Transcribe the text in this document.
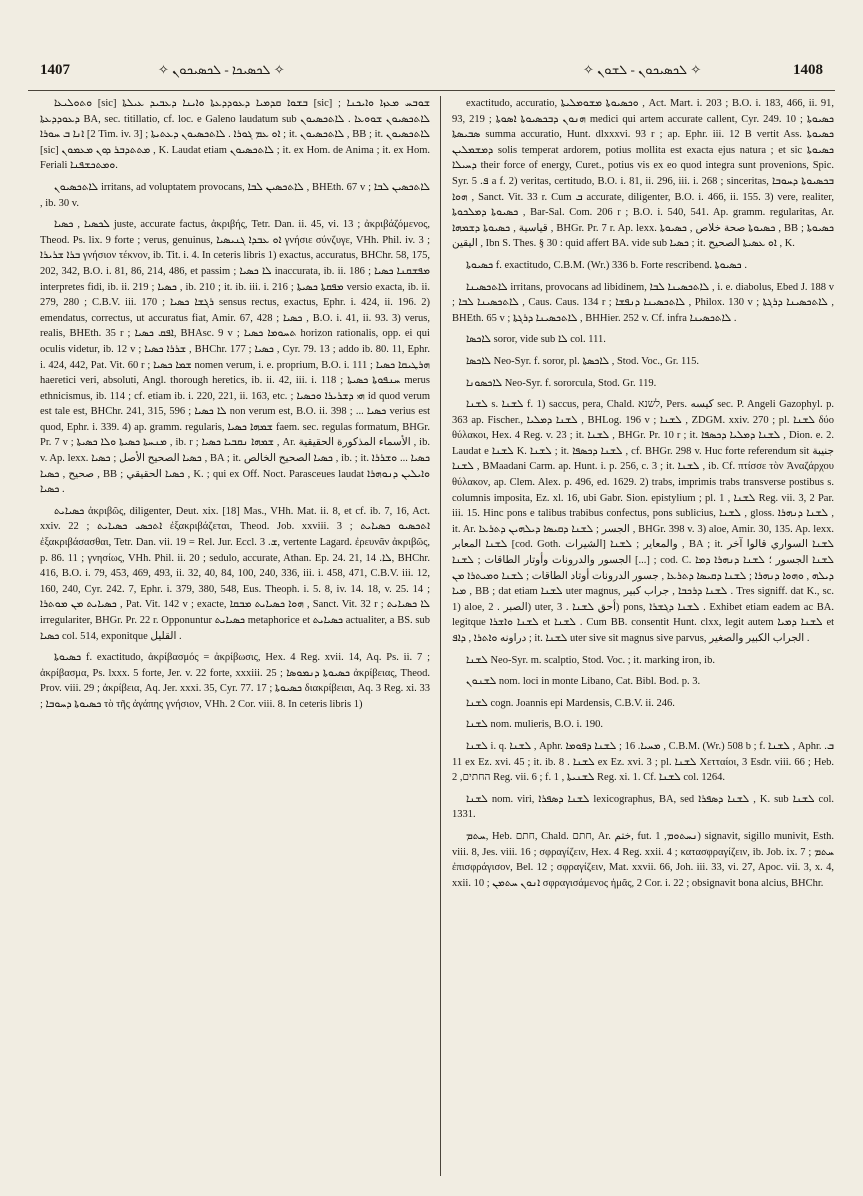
1407	✧ ܠܟܣܝܟܐ - ܠܟܣܝܟܘܢ ✧	✧ ܠܟܣܝܟܘܢ - ܠܫܘܢ ✧	1408

ܘܬܘܠܝܥܐ [sic] ܒܫܘܐ ܩܕܡܝܐ ܕܥܘܕܕܥܬܐ ܘܐܝܢܐ ܕܥܒܝܕ ܥܝܠܬܐ [sic] ; ܫܘܒܚ ܡܥܙܐ ܘܐܝܟܢܐ ܕܥܘܕܕܥܬܐ BA, sec. titillatio, cf. loc. e Galeno laudatum sub ܠܐܬܟܣܝܘܢ ܫܘܘܥܐ . ܠܐܬܟܣܝܘܢ ܐܢܐ ܒ ܚܘܪܐ [2 Tim. iv. 3] ; ܐܘ ܥܡ ܓܘܪܐ . ܠܐܬܟܣܝܘܢ ܕܥܬܝܬܐ ; it. ܠܐܬܟܣܝܘܢ , BB ; it. ܠܐܬܟܣܝܘܢ [sic] ܡܬܬܕܒܪ ܕܘܢ ܡܥܡܘܢ , K. Laudat etiam ܠܐܬܟܣܝܘܢ ; it. ex Hom. de Anima ; it. ex Hom. Feriali ܘܡܬܟܫܦܢܐ.

ܠܐܬܟܣܝܘܢ irritans, ad voluptatem provocans, ܠܐܬܟܣܝܢ ܠܒܐ , BHEth. 67 v ; ܠܐܬܟܣܝܢ ܠܒܐ , ib. 30 v.

ܠܟܣܝܐ , ܟܣܝܐ juste, accurate factus, ἀκριβής, Tetr. Dan. ii. 45, vi. 13 ; ἀκριβάζόμενος, Theod. Ps. lix. 9 forte ; verus, genuinus, ܐܘ ܥܒܕܐ ܓܢܝܣܝܐ γνήσιε σύνζυγε, VHh. Phil. iv. 3 ; ܒܪܐ ܫܪܝܪܐ γνήσιον τέκνον, ib. Tit. i. 4. In ceteris libris 1) exactus, accuratus, BHChr. 58, 175, 202, 342, B.O. i. 81, 86, 214, 486, et passim ; ܠܐ ܟܣܝܐ inaccurata, ib. ii. 186 ; ܡܦܫܩܢܐ ܟܣܝܐ interpretes fidi, ib. ii. 219 ; ܟܣܝܐ , ib. 210 ; it. ib. iii. i. 216 ; ܡܦܩܬܐ ܟܣܝܬܐ versio exacta, ib. ii. 279, 280 ; C.B.V. iii. 170 ; ܪܓܫܐ ܟܣܝܐ sensus rectus, exactus, Ephr. i. 424, ii. 196. 2) emendatus, correctus, ut accuratus fiat, Amir. 67, 428 ; ܟܣܝܐ , B.O. i. 41, ii. 93. 3) verus, realis, BHEth. 35 r ; ܐܦܩ ܟܣܝܐ, BHAsc. 9 v ; ܬܚܘܡܐ ܟܣܝܐ horizon rationalis, opp. ei qui oculis videtur, ib. 12 v ; ܫܪܪܐ ܟܣܝܐ , BHChr. 177 ; ܟܣܝܐ , Cyr. 79. 13 ; addo ib. 80. 11, Ephr. i. 424, 442, Pat. Vit. 60 r ; ܫܡܐ ܟܣܝܐ nomen verum, i. e. proprium, B.O. i. 111 ; ܗܪܛܝܩܐ ܟܣܝܐ haeretici veri, absoluti, Angl. thorough heretics, ib. ii. 42, iii. i. 118 ; ܚܢܦܘܬܐ ܟܣܝܬܐ merus ethnicismus, ib. 114 ; cf. etiam ib. i. 220, 221, ii. 163, etc. ; ܗܝ ܕܫܪܝܪܐ ܘܟܣܝܐ id quod verum est tale est, BHChr. 241, 315, 596 ; ܠܐ ܟܣܝܐ non verum est, B.O. ii. 398 ; ... ܟܣܝܐ verius est quod, Ephr. i. 339. 4) ap. gramm. regularis, ܫܡܗܐ ܟܣܝܐ faem. sec. regulas formatum, BHGr. Pr. 7 v ; ܡܢܚܬܐ ܟܣܝܬܐ ܘܠܐ ܟܣܝܬܐ , ib. r ; ܫܡܗܐ ܢܩܒܝܐ ܟܣܝܐ , Ar. الأسماء المذكورة الحقيقية , ib. v. Ap. lexx. ܟܣܝܐ الصحيح الأصل ; ܟܣܝܐ , BA ; it. ܟܣܝܐ الصحيح الخالص , ib. ; it. ܟܣܝܐ ... ܘܫܪܪܐ صحيح , ܟܣܝܐ , BB ; ܟܣܝܐ الحقيقي , K. ; qui ex Off. Noct. Parasceues laudat ܘܐܝܠܝܢ ܕܢܘܗܪܐ ܟܣܝܐ .

ܟܣܝܐܝܬ ἀκριβῶς, diligenter, Deut. xix. [18] Mas., VHh. Mat. ii. 8, et cf. ib. 7, 16, Act. xxiv. 22 ; ܐܬܟܣܝ ܟܣܝܐܝܬ ἐξακριβάζεται, Theod. Job. xxviii. 3 ; ܐܬܟܣܝܘ ܟܣܝܐܝܬ ἐξακριβάσασθαι, Tetr. Dan. vii. 19 = Rel. Jur. Eccl. ܫ. 3, vertente Lagard. ἐρευνᾶν ἀκριβῶς, p. 86. 11 ; γνησίως, VHh. Phil. ii. 20 ; sedulo, accurate, Athan. Ep. 24. 21, ܠܐ. 14, BHChr. 416, B.O. i. 79, 453, 469, 493, ii. 32, 40, 84, 100, 240, 336, iii. i. 458, 471, C.B.V. iii. 12, 160, 240, Cyr. 242. 7, Ephr. i. 379, 380, 548, Eus. Theoph. i. 5. 8, iv. 14. 18, v. 25. 14 ; ܟܣܝܐܝܬ ܡܢ ܡܘܬܪܐ , Pat. Vit. 142 v ; exacte, ܗܘܐ ܟܣܝܐܝܬ ܡܒܩܐ , Sanct. Vit. 32 r ; ܠܐ ܟܣܝܐܝܬ irregulariter, BHGr. Pr. 22 r. Opponuntur ܟܣܝܐܝܬ metaphorice et ܟܣܝܐܝܬ actualiter, a BS. sub ܟܣܝܐ col. 514, exponitque القليل .

ܟܣܝܘܬܐ f. exactitudo, ἀκρίβασμός = ἀκρίβωσις, Hex. 4 Reg. xvii. 14, Aq. Ps. ii. 7 ; ἀκρίβασμα, Ps. lxxx. 5 forte, Jer. v. 22 forte, xxxiii. 25 ; ܟܣܝܘܬܐ ܕܢܡܘܣܐ ἀκρίβειας, Theod. Prov. viii. 29 ; ἀκρίβεια, Aq. Jer. xxxi. 35, Cyr. 77. 17 ; ܟܣܝܘܬܐ διακρίβειαι, Aq. 3 Reg. xi. 33 ; ܟܣܝܘܬܐ ܕܚܘܒܐ τὸ τῆς ἀγάπης γνήσιον, VHh. 2 Cor. viii. 8. In ceteris libris 1)

exactitudo, accuratio, ܘܟܣܝܘܬܐ ܡܫܘܡܠܝܬܐ , Act. Mart. i. 203 ; B.O. i. 183, 466, ii. 91, 93, 219 ; ܗܢܘܢ ܕܒܟܣܝܘܬܐ ܐܣܘܬܐ medici qui artem accurate callent, Cyr. 249. 10 ; ܟܣܝܘܬܐ ܣܒܝܣܬܐ summa accuratio, Hunt. dlxxxvi. 93 r ; ap. Ephr. iii. 12 B vertit Ass. ܟܣܝܘܬܐ ܕܡܫܡܠܝܢ solis temperat ardorem, potius mollita est exacta ejus natura ; et sic ܟܣܝܘܬܐ ܕܚܝܠܐ their force of energy, Curet., potius vis ex eo quod integra sunt provenions, Spic. Syr. ܦ. 5 a f. 2) veritas, certitudo, B.O. i. 81, ii. 296, iii. i. 268 ; sinceritas, ܒܟܣܝܘܬܐ ܕܚܘܒܐ ܗܘܐ , Sanct. Vit. 33 r. Cum ܒ accurate, diligenter, B.O. i. 466, ii. 155. 3) vere, realiter, ܟܣܝܘܬܐ ܕܡܠܟܘܬܐ , Bar-Sal. Com. 206 r ; B.O. i. 540, 541. Ap. gramm. regularitas, Ar. قياسية , ܟܣܝܘܬܐ ܕܫܡܗܐ , BHGr. Pr. 7 r. Ap. lexx. ܟܣܝܘܬܐ صحة خلاص , ܟܣܝܘܬܐ , BB ; ܟܣܝܘܬܐ اليقين , Ibn S. Thes. § 30 : quid affert BA. vide sub ܟܣܝܐ ; it. ܐܘ ܥܣܝܬܐ الصحيح , K.

ܟܣܝܘܬܐ f. exactitudo, C.B.M. (Wr.) 336 b. Forte rescribend. ܟܣܝܘܬܐ .

ܠܐܬܟܣܝܢܐ irritans, provocans ad libidinem, ܠܐܬܟܣܝܢܐ ܠܒܐ , i. e. diabolus, Ebed J. 188 v ; ܠܐܬܟܣܝܢܐ ܠܒܐ , Caus. Caus. 134 r ; ܠܐܬܟܣܝܢܐ ܕܢܦܫܐ , Philox. 130 v ; ܠܐܬܟܣܝܢܐ ܕܪܓܬܐ , BHEth. 65 v ; ܠܐܬܟܣܝܢܐ ܕܪܓܬܐ , BHHier. 252 v. Cf. infra ܠܐܬܟܣܝܢܐ .

ܠܐܟܣܐ soror, vide sub ܠܐ col. 111.

ܠܐܟܣܐ Neo-Syr. f. soror, pl. ܠܐܟܣܬܐ , Stod. Voc., Gr. 115.

ܠܐܟܣܘܢܐ Neo-Syr. f. sororcula, Stod. Gr. 119.

ܠܫܢܐ s. ܠܫܢܐ f. 1) saccus, pera, Chald. לשנא, Pers. کیسه sec. P. Angeli Gazophyl. p. 363 ap. Fischer., ܠܫܢܐ ܕܡܠܝܐ , BHLog. 196 v ; ܠܫܢܐ , ZDGM. xxiv. 270 ; pl. ܠܫܢܐ δύο θύλακοι, Hex. 4 Reg. v. 23 ; it. ܠܫܢܐ , BHGr. Pr. 10 r ; it. ܠܫܢܐ ܕܡܠܝܐ ܕܟܣܦܐ , Dion. e. 2. Laudat e ܠܫܢܐ K. ܠܫܢܐ ; it. ܠܫܢܐ ܕܟܣܦܐ , cf. BHGr. 298 v. Huc forte referendum sit جنيبة ܠܫܢܐ , BMaadani Carm. ap. Hunt. i. p. 256, c. 3 ; it. ܠܫܢܐ , ib. Cf. πτίσσε τὸν Ἀναζάρχου θύλακον, ap. Clem. Alex. p. 496, ed. 1629. 2) trabs, imprimis trabs transverse postibus s. columnis imposita, Ez. xl. 16, ubi Gabr. Sion. epistylium ; pl. ܠܫܢܐ , 1 Reg. vii. 3, 2 Par. iii. 15. Hinc pons e talibus trabibus confectus, pons sublicius, ܠܫܢܐ , gloss. ܠܫܢܐ ܕܢܗܪܐ , it. Ar. الجسر ; ܠܫܢܐ ܕܩܝܣܐ ܕܝܠܗܝܢ ܕܬܪܥܐ , BHGr. 398 v. 3) aloe, Amir. 30, 135. Ap. lexx. ܠܫܢܐ المعابر [cod. Goth. الشيرات] والمعاير ; ܠܫܢܐ , BA ; it. ܠܫܢܐ السواري قالوا آخر الجسور والدرونات وأوتار الطاقات ; ܠܫܢܐ [...] ; cod. C. ܠܫܢܐ الجسور ؛ ܠܫܢܐ ܕܢܗܪܐ ܕܡܐ ܕܝܠܗ , ܘܗܘܐ ܕܢܗܪܐ ; ܠܫܢܐ ܕܩܝܣܐ ܕܬܪܥܐ , جسور الدرونات أوتاد الطاقات ; ܠܫܢܐ ܘܡܝܬܪܐ ܡܢ ܡܝܐ , BB ; dat etiam ܠܫܢܐ uter magnus, ܠܫܢܐ ܕܪܟܒܐ , جراب كبير . Tres signiff. dat K., sc. 1) aloe, الصبر . 2) uter, أحق ܠܫܢܐ . 3) pons, ܠܫܢܐ ܕܓܫܪܐ . Exhibet etiam eadem ac BA. legitque ܠܫܢܐ ܘܐܫܪܐ et ܠܫܢܐ . Cum BB. consentit Hunt. clxx, legit autem ܠܫܢܐ ܕܡܝܐ et دراونه ܘܐܬܪܐ , ܕܐܦ ; it. ܠܫܢܐ uter sive sit magnus sive parvus, الجراب الكبير والصغير .

ܠܫܢܐ Neo-Syr. m. scalptio, Stod. Voc. ; it. marking iron, ib.

ܠܫܢܘܢ nom. loci in monte Libano, Cat. Bibl. Bod. p. 3.

ܠܫܢܐ cogn. Joannis epi Mardensis, C.B.V. ii. 246.

ܠܫܢܐ nom. mulieris, B.O. i. 190.

ܠܫܢܐ i. q. ܠܫܢܐ , Aphr. ܡܚܝܐ. 16 ; ܠܫܢܐ ܕܦܘܡܐ , C.B.M. (Wr.) 508 b ; f. ܠܫܢܐ , Aphr. ܒ. 11 ex Ez. xvi. 45 ; it. ib. ܠܫܢܐ . 8 ex Ez. xvi. 3 ; pl. ܠܫܢܐ Χετταίοι, 3 Esdr. viii. 66 ; Heb. החתים, 2 Reg. vii. 6 ; f. ܠܫܢܝܬܐ , 1 Reg. xi. 1. Cf. ܠܫܢܐ col. 1264.

ܠܫܢܐ nom. viri, ܠܫܢܐ ܕܣܦܪܐ lexicographus, BA, sed ܠܫܢܐ ܕܣܦܪܐ , K. sub ܠܫܢܐ col. 1331.

ܚܬܡ, Heb. חתם, Chald. חתם, Ar. ختم, fut. ܢܚܬܘܡ, 1) signavit, sigillo munivit, Esth. viii. 8, Jes. viii. 16 ; σφραγίζειν, Hex. 4 Reg. xxii. 4 ; κατασφραγίζειν, ib. Job. ix. 7 ; ܚܬܡ ἐπισφράγισον, Bel. 12 ; σφραγίζειν, Mat. xxvii. 66, Joh. iii. 33, vi. 27, Apoc. vii. 3, x. 4, xxii. 10 ; ܐܢܘܢ ܚܬܡܢ σφραγισάμενος ἡμᾶς, 2 Cor. i. 22 ; obsignavit bona alcius, BHChr.
